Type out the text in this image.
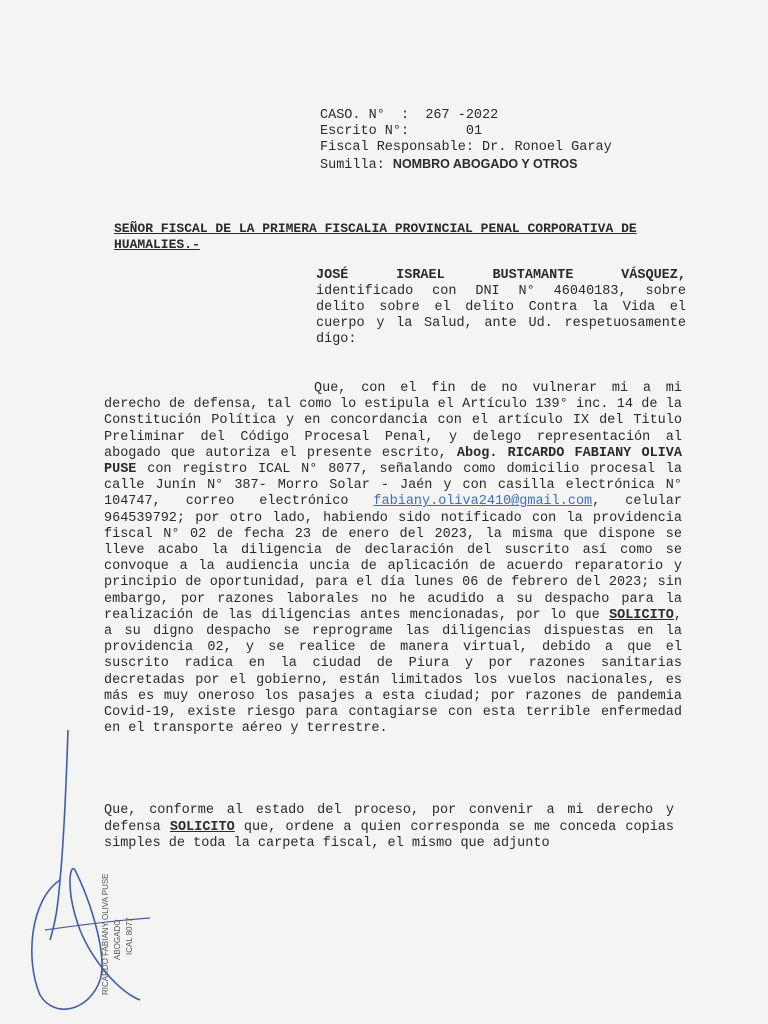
CASO. N°  :  267 -2022
Escrito N°:	01
Fiscal Responsable: Dr. Ronoel Garay
Sumilla: NOMBRO ABOGADO Y OTROS
SEÑOR FISCAL DE LA PRIMERA FISCALIA PROVINCIAL PENAL CORPORATIVA DE HUAMALIES.-
JOSÉ ISRAEL BUSTAMANTE VÁSQUEZ, identificado con DNI N° 46040183, sobre delito sobre el delito Contra la Vida el cuerpo y la Salud, ante Ud. respetuosamente digo:
Que, con el fin de no vulnerar mi a mi derecho de defensa, tal como lo estipula el Artículo 139° inc. 14 de la Constitución Política y en concordancia con el artículo IX del Titulo Preliminar del Código Procesal Penal, y delego representación al abogado que autoriza el presente escrito, Abog. RICARDO FABIANY OLIVA PUSE con registro ICAL N° 8077, señalando como domicilio procesal la calle Junín N° 387- Morro Solar - Jaén y con casilla electrónica N° 104747, correo electrónico fabiany.oliva2410@gmail.com, celular 964539792; por otro lado, habiendo sido notificado con la providencia fiscal N° 02 de fecha 23 de enero del 2023, la misma que dispone se lleve acabo la diligencia de declaración del suscrito así como se convoque a la audiencia uncia de aplicación de acuerdo reparatorio y principio de oportunidad, para el día lunes 06 de febrero del 2023; sin embargo, por razones laborales no he acudido a su despacho para la realización de las diligencias antes mencionadas, por lo que SOLICITO, a su digno despacho se reprograme las diligencias dispuestas en la providencia 02, y se realice de manera virtual, debido a que el suscrito radica en la ciudad de Piura y por razones sanitarias decretadas por el gobierno, están limitados los vuelos nacionales, es más es muy oneroso los pasajes a esta ciudad; por razones de pandemia Covid-19, existe riesgo para contagiarse con esta terrible enfermedad en el transporte aéreo y terrestre.
Que, conforme al estado del proceso, por convenir a mi derecho y defensa SOLICITO que, ordene a quien corresponda se me conceda copias simples de toda la carpeta fiscal, el mismo que adjunto
RICARDO FABIANY OLIVA PUSE ABOGADO ICAL 8077
